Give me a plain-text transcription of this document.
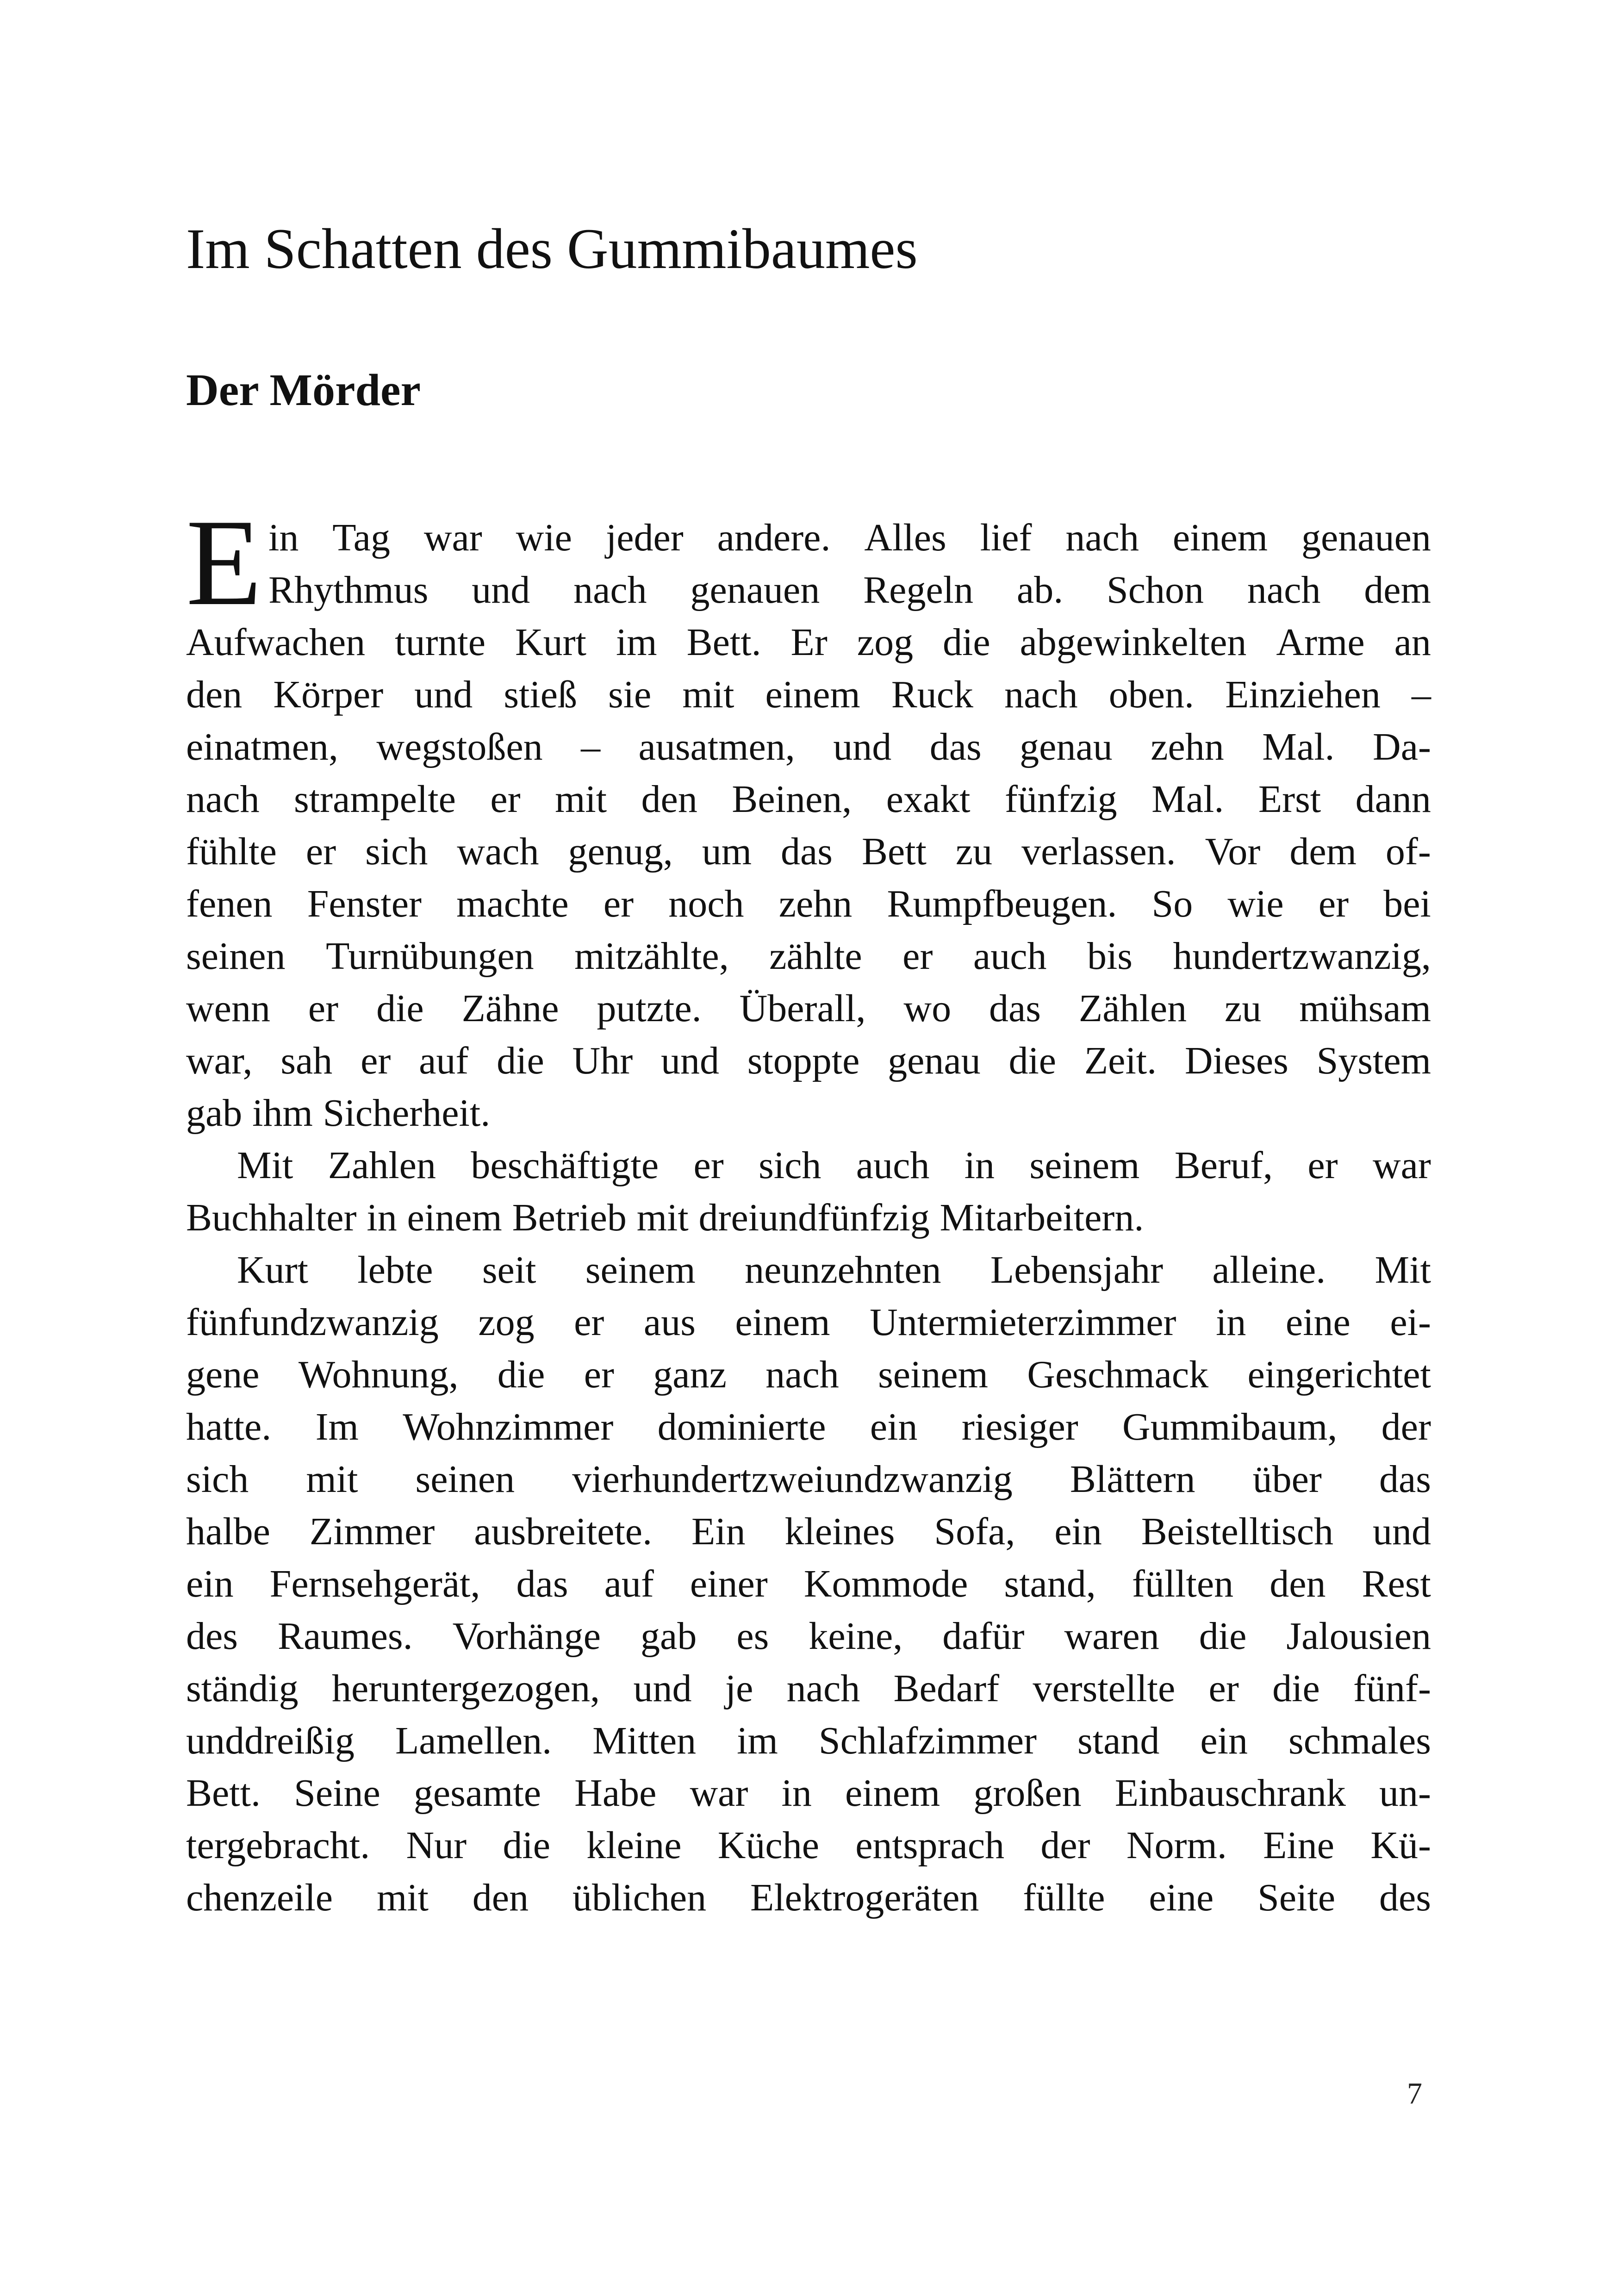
Im Schatten des Gummibaumes
Der Mörder
E in Tag war wie jeder andere. Alles lief nach einem genauen
Rhythmus und nach genauen Regeln ab. Schon nach dem
Aufwachen turnte Kurt im Bett. Er zog die abgewinkelten Arme an
den Körper und stieß sie mit einem Ruck nach oben. Einziehen –
einatmen, wegstoßen – ausatmen, und das genau zehn Mal. Da-
nach strampelte er mit den Beinen, exakt fünfzig Mal. Erst dann
fühlte er sich wach genug, um das Bett zu verlassen. Vor dem of-
fenen Fenster machte er noch zehn Rumpfbeugen. So wie er bei
seinen Turnübungen mitzählte, zählte er auch bis hundertzwanzig,
wenn er die Zähne putzte. Überall, wo das Zählen zu mühsam
war, sah er auf die Uhr und stoppte genau die Zeit. Dieses System
gab ihm Sicherheit.
Mit Zahlen beschäftigte er sich auch in seinem Beruf, er war
Buchhalter in einem Betrieb mit dreiundfünfzig Mitarbeitern.
Kurt lebte seit seinem neunzehnten Lebensjahr alleine. Mit
fünfundzwanzig zog er aus einem Untermieterzimmer in eine ei-
gene Wohnung, die er ganz nach seinem Geschmack eingerichtet
hatte. Im Wohnzimmer dominierte ein riesiger Gummibaum, der
sich mit seinen vierhundertzweiundzwanzig Blättern über das
halbe Zimmer ausbreitete. Ein kleines Sofa, ein Beistelltisch und
ein Fernsehgerät, das auf einer Kommode stand, füllten den Rest
des Raumes. Vorhänge gab es keine, dafür waren die Jalousien
ständig heruntergezogen, und je nach Bedarf verstellte er die fünf-
unddreißig Lamellen. Mitten im Schlafzimmer stand ein schmales
Bett. Seine gesamte Habe war in einem großen Einbauschrank un-
tergebracht. Nur die kleine Küche entsprach der Norm. Eine Kü-
chenzeile mit den üblichen Elektrogeräten füllte eine Seite des
7
